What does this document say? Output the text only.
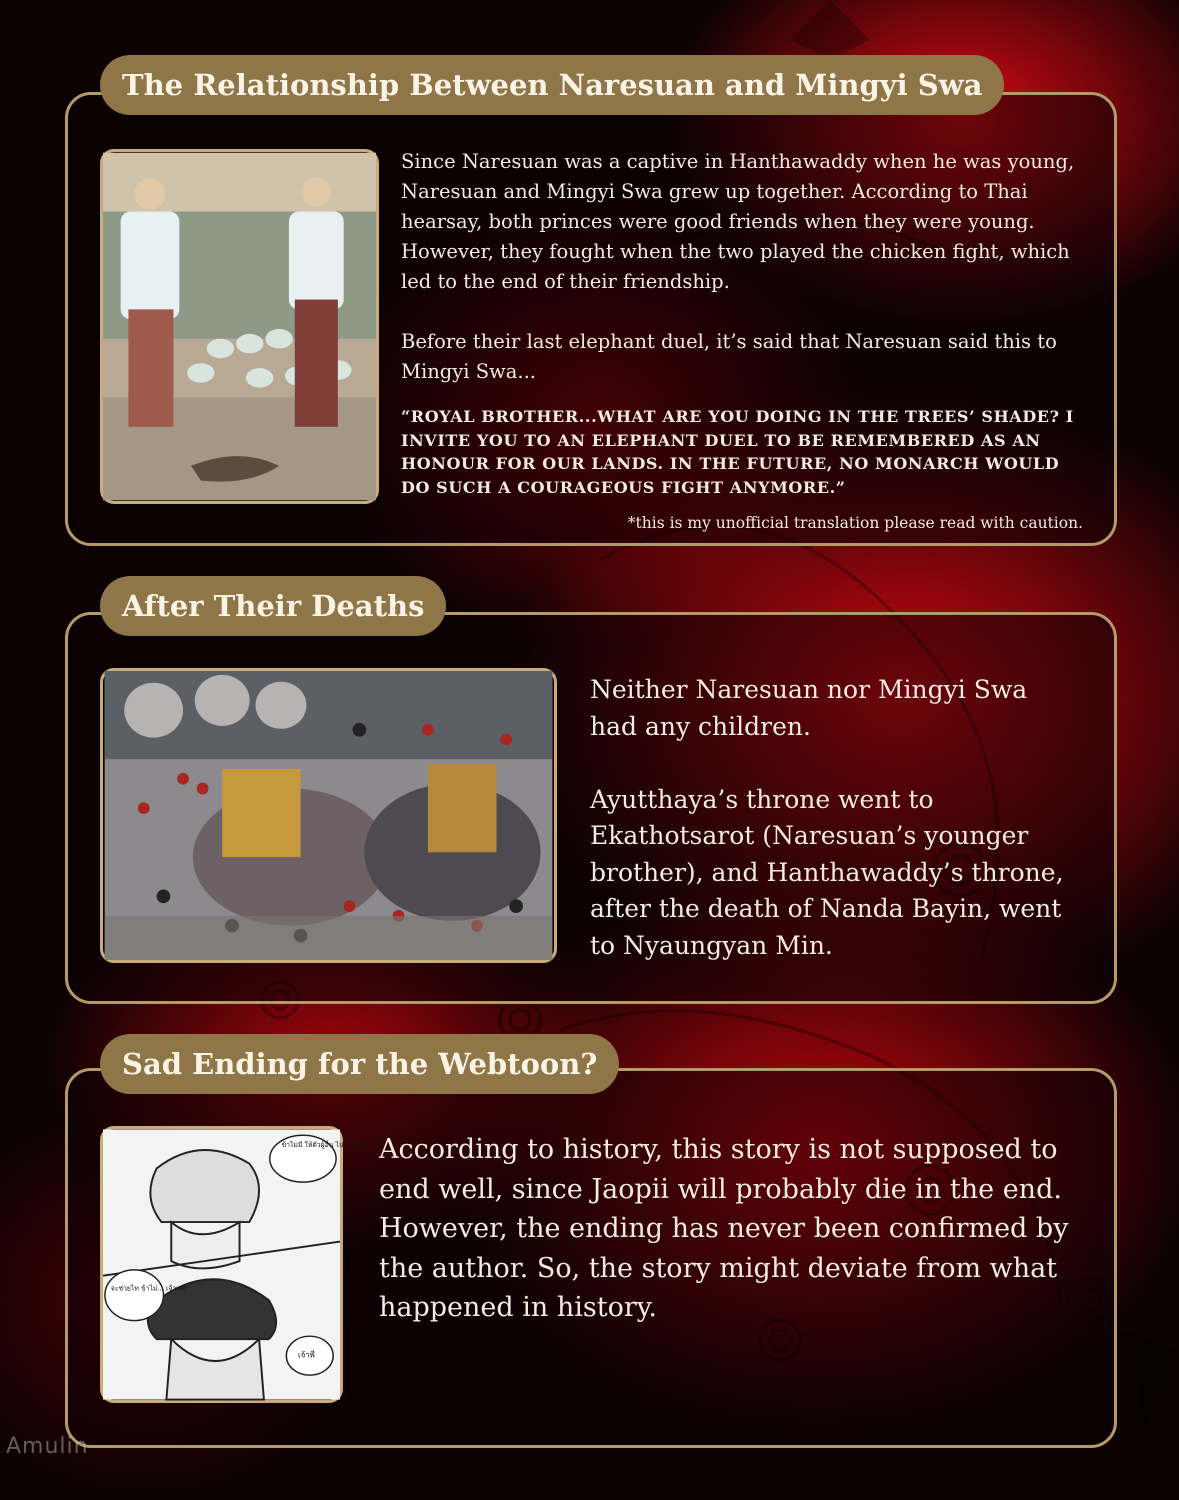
The Relationship Between Naresuan and Mingyi Swa

Since Naresuan was a captive in Hanthawaddy when he was young, Naresuan and Mingyi Swa grew up together. According to Thai hearsay, both princes were good friends when they were young. However, they fought when the two played the chicken fight, which led to the end of their friendship.

Before their last elephant duel, it’s said that Naresuan said this to Mingyi Swa...

“ROYAL BROTHER...WHAT ARE YOU DOING IN THE TREES’ SHADE? I INVITE YOU TO AN ELEPHANT DUEL TO BE REMEMBERED AS AN HONOUR FOR OUR LANDS. IN THE FUTURE, NO MONARCH WOULD DO SUCH A COURAGEOUS FIGHT ANYMORE.”

*this is my unofficial translation please read with caution.
After Their Deaths

Neither Naresuan nor Mingyi Swa had any children.

Ayutthaya’s throne went to Ekathotsarot (Naresuan’s younger brother), and Hanthawaddy’s throne, after the death of Nanda Bayin, went to Nyaungyan Min.

Sad Ending for the Webtoon?
ข้าไม่มี ให้ตัวผู้อื่น ไป ทีเดย
จะช่วยไท ข้าไม่... เจ้าเล่ย
เจ้าพี่

According to history, this story is not supposed to end well, since Jaopii will probably die in the end. However, the ending has never been confirmed by the author. So, the story might deviate from what happened in history.

Amulin
